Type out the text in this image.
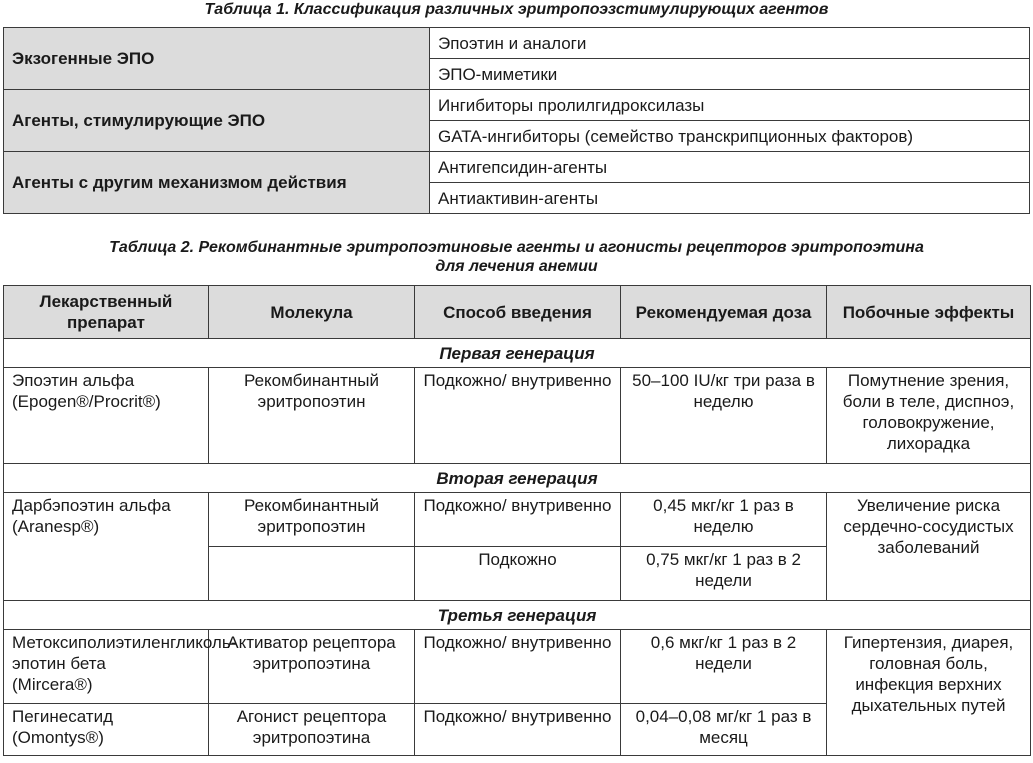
Таблица 1. Классификация различных эритропоэзстимулирующих агентов
Экзогенные ЭПО	Эпоэтин и аналоги
	ЭПО-миметики
Агенты, стимулирующие ЭПО	Ингибиторы пролилгидроксилазы
	GATA-ингибиторы (семейство транскрипционных факторов)
Агенты с другим механизмом действия	Антигепсидин-агенты
	Антиактивин-агенты
Таблица 2. Рекомбинантные эритропоэтиновые агенты и агонисты рецепторов эритропоэтина
для лечения анемии
Лекарственный препарат	Молекула	Способ введения	Рекомендуемая доза	Побочные эффекты
Первая генерация				

Эпоэтин альфа
(Epogen®/Procrit®)	Рекомбинантный эритропоэтин	Подкожно/ внутривенно	50–100 IU/кг три раза в неделю	Помутнение зрения, боли в теле, диспноэ, головокружение, лихорадка
Вторая генерация				

Дарбэпоэтин альфа
(Aranesp®)	Рекомбинантный эритропоэтин	Подкожно/ внутривенно	0,45 мкг/кг 1 раз в неделю	Увеличение риска сердечно-сосудистых заболеваний
		Подкожно	0,75 мкг/кг 1 раз в 2 недели	
Третья генерация				

Метоксиполиэтиленгликоль-эпотин бета
(Mircera®)	Активатор рецептора эритропоэтина	Подкожно/ внутривенно	0,6 мкг/кг 1 раз в 2 недели	Гипертензия, диарея, головная боль, инфекция верхних дыхательных путей

Пегинесатид
(Omontys®)	Агонист рецептора эритропоэтина	Подкожно/ внутривенно	0,04–0,08 мг/кг 1 раз в месяц	
